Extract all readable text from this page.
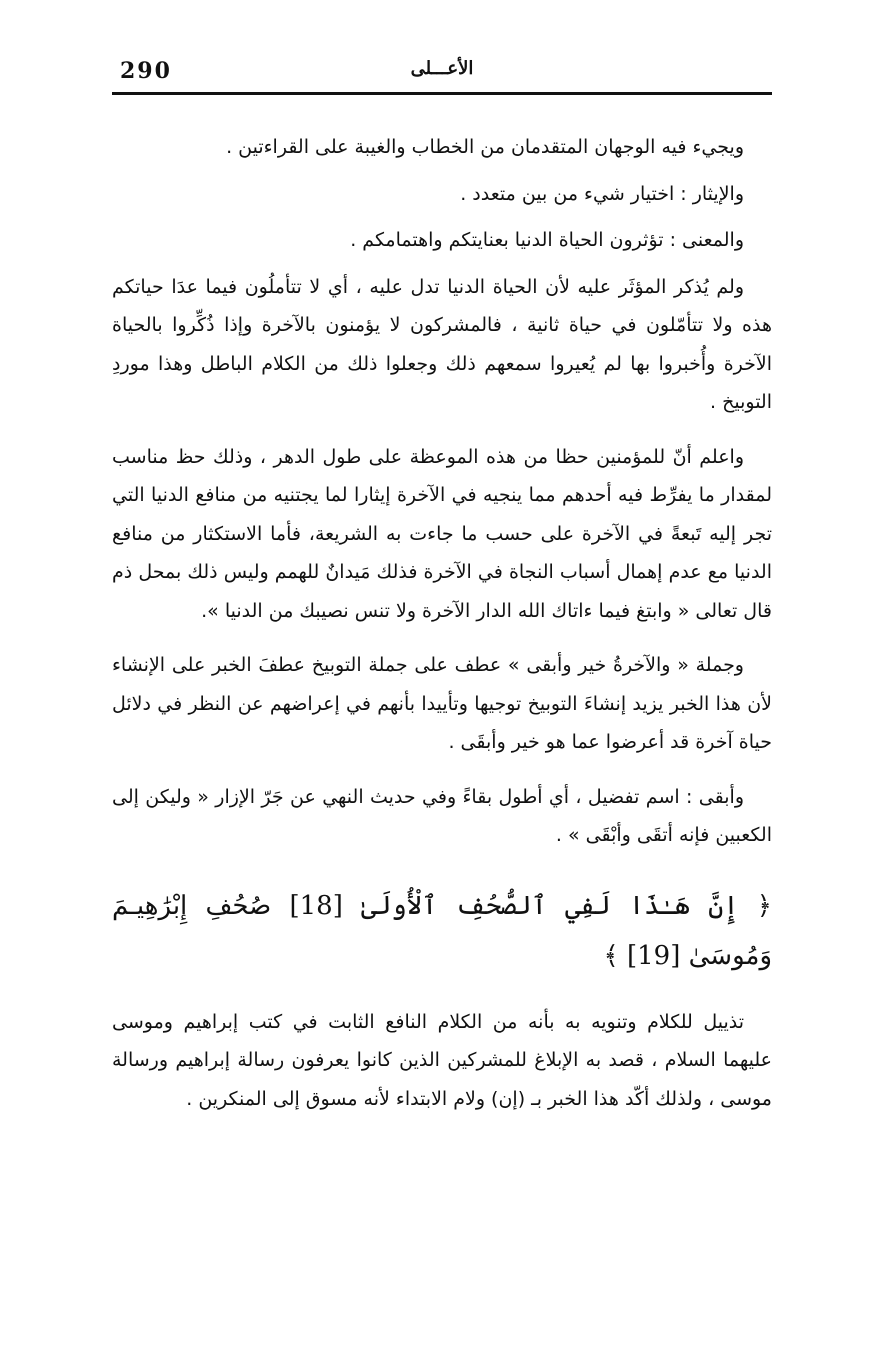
290	الأعـــلى

ويجيء فيه الوجهان المتقدمان من الخطاب والغيبة على القراءتين .

والإيثار : اختيار شيء من بين متعدد .

والمعنى : تؤثرون الحياة الدنيا بعنايتكم واهتمامكم .

ولم يُذكر المؤثَر عليه لأن الحياة الدنيا تدل عليه ، أي لا تتأملُون فيما عدَا حياتكم هذه ولا تتأمّلون في حياة ثانية ، فالمشركون لا يؤمنون بالآخرة وإذا ذُكِّروا بالحياة الآخرة وأُخبروا بها لم يُعيروا سمعهم ذلك وجعلوا ذلك من الكلام الباطل وهذا موردِ التوبيخ .

واعلم أنّ للمؤمنين حظا من هذه الموعظة على طول الدهر ، وذلك حظ مناسب لمقدار ما يفرِّط فيه أحدهم مما ينجيه في الآخرة إيثارا لما يجتنيه من منافع الدنيا التي تجر إليه تَبعةً في الآخرة على حسب ما جاءت به الشريعة، فأما الاستكثار من منافع الدنيا مع عدم إهمال أسباب النجاة في الآخرة فذلك مَيدانٌ للهمم وليس ذلك بمحل ذم قال تعالى « وابتغ فيما ءاتاك الله الدار الآخرة ولا تنس نصيبك من الدنيا ».

وجملة « والآخرةُ خير وأبقى » عطف على جملة التوبيخ عطفَ الخبر على الإنشاء لأن هذا الخبر يزيد إنشاءَ التوبيخ توجيها وتأييدا بأنهم في إعراضهم عن النظر في دلائل حياة آخرة قد أعرضوا عما هو خير وأبقَى .

وأبقى : اسم تفضيل ، أي أطول بقاءً وفي حديث النهي عن جَرّ الإزار « وليكن إلى الكعبين فإنه أتقَى وأبْقَى » .

﴿ إِنَّ هَـٰذَا لَفِي ٱلصُّحُفِ ٱلْأُولَىٰ [18] صُحُفِ إِبْرَٰهِيـمَ وَمُوسَىٰ [19] ﴾

تذييل للكلام وتنويه به بأنه من الكلام النافع الثابت في كتب إبراهيم وموسى عليهما السلام ، قصد به الإبلاغ للمشركين الذين كانوا يعرفون رسالة إبراهيم ورسالة موسى ، ولذلك أكّد هذا الخبر بـ (إن) ولام الابتداء لأنه مسوق إلى المنكرين .
